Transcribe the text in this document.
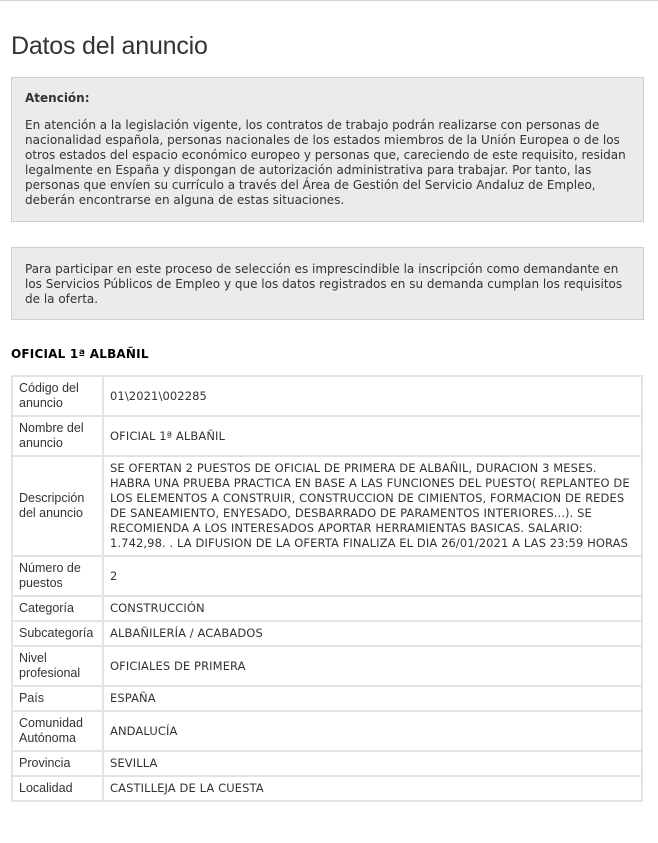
Datos del anuncio

Atención:

En atención a la legislación vigente, los contratos de trabajo podrán realizarse con personas de nacionalidad española, personas nacionales de los estados miembros de la Unión Europea o de los otros estados del espacio económico europeo y personas que, careciendo de este requisito, residan legalmente en España y dispongan de autorización administrativa para trabajar. Por tanto, las personas que envíen su currículo a través del Área de Gestión del Servicio Andaluz de Empleo, deberán encontrarse en alguna de estas situaciones.

Para participar en este proceso de selección es imprescindible la inscripción como demandante en los Servicios Públicos de Empleo y que los datos registrados en su demanda cumplan los requisitos de la oferta.

OFICIAL 1ª ALBAÑIL
Código del anuncio	01\2021\002285
Nombre del anuncio	OFICIAL 1ª ALBAÑIL
Descripción del anuncio	SE OFERTAN 2 PUESTOS DE OFICIAL DE PRIMERA DE ALBAÑIL, DURACION 3 MESES. HABRA UNA PRUEBA PRACTICA EN BASE A LAS FUNCIONES DEL PUESTO( REPLANTEO DE LOS ELEMENTOS A CONSTRUIR, CONSTRUCCION DE CIMIENTOS, FORMACION DE REDES DE SANEAMIENTO, ENYESADO, DESBARRADO DE PARAMENTOS INTERIORES...). SE RECOMIENDA A LOS INTERESADOS APORTAR HERRAMIENTAS BASICAS. SALARIO: 1.742,98. . LA DIFUSION DE LA OFERTA FINALIZA EL DIA 26/01/2021 A LAS 23:59 HORAS
Número de puestos	2
Categoría	CONSTRUCCIÓN
Subcategoría	ALBAÑILERÍA / ACABADOS
Nivel profesional	OFICIALES DE PRIMERA
País	ESPAÑA
Comunidad Autónoma	ANDALUCÍA
Provincia	SEVILLA
Localidad	CASTILLEJA DE LA CUESTA
